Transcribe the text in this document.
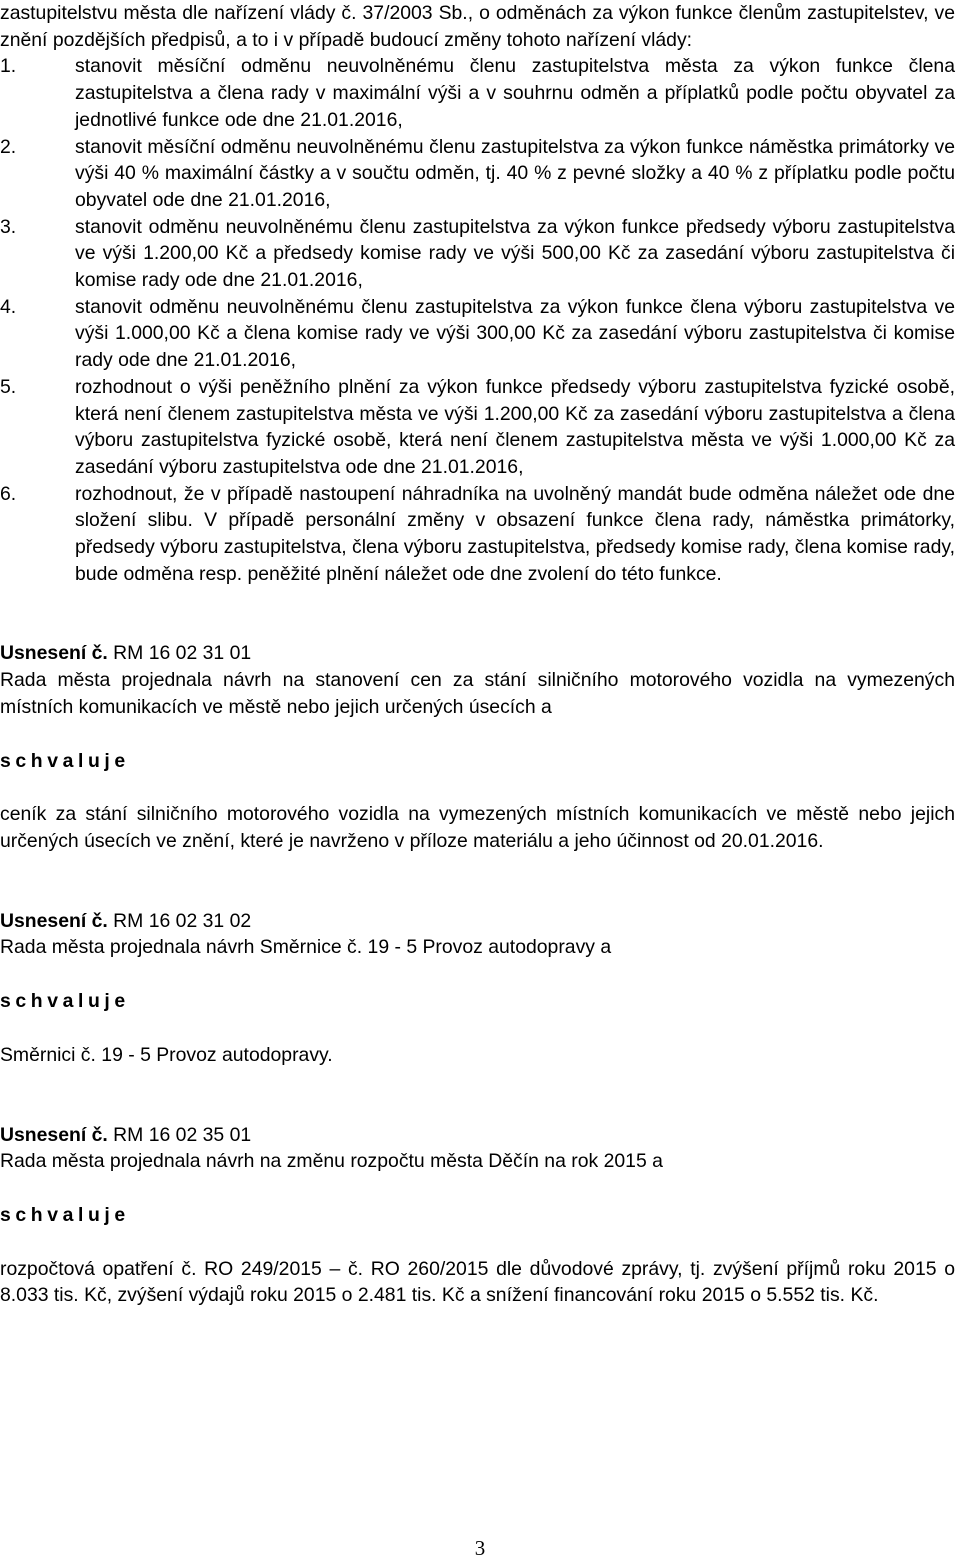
zastupitelstvu města dle nařízení vlády č. 37/2003 Sb., o odměnách za výkon funkce členům zastupitelstev, ve znění pozdějších předpisů, a to i v případě budoucí změny tohoto nařízení vlády:

1.	stanovit měsíční odměnu neuvolněnému členu zastupitelstva města za výkon funkce člena zastupitelstva a člena rady v maximální výši a v souhrnu odměn a příplatků podle počtu obyvatel za jednotlivé funkce ode dne 21.01.2016,
2.	stanovit měsíční odměnu neuvolněnému členu zastupitelstva za výkon funkce náměstka primátorky ve výši 40 % maximální částky a v součtu odměn, tj. 40 % z pevné složky a 40 % z příplatku podle počtu obyvatel ode dne 21.01.2016,
3.	stanovit odměnu neuvolněnému členu zastupitelstva za výkon funkce předsedy výboru zastupitelstva ve výši 1.200,00 Kč a předsedy komise rady ve výši 500,00 Kč za zasedání výboru zastupitelstva či komise rady ode dne 21.01.2016,
4.	stanovit odměnu neuvolněnému členu zastupitelstva za výkon funkce člena výboru zastupitelstva ve výši 1.000,00 Kč a člena komise rady ve výši 300,00 Kč za zasedání výboru zastupitelstva či komise rady ode dne 21.01.2016,
5.	rozhodnout o výši peněžního plnění za výkon funkce předsedy výboru zastupitelstva fyzické osobě, která není členem zastupitelstva města ve výši 1.200,00 Kč za zasedání výboru zastupitelstva a člena výboru zastupitelstva fyzické osobě, která není členem zastupitelstva města ve výši 1.000,00 Kč za zasedání výboru zastupitelstva ode dne 21.01.2016,
6.	rozhodnout, že v případě nastoupení náhradníka na uvolněný mandát bude odměna náležet ode dne složení slibu. V případě personální změny v obsazení funkce člena rady, náměstka primátorky, předsedy výboru zastupitelstva, člena výboru zastupitelstva, předsedy komise rady, člena komise rady, bude odměna resp. peněžité plnění náležet ode dne zvolení do této funkce.

Usnesení č. RM 16 02 31 01

Rada města projednala návrh na stanovení cen za stání silničního motorového vozidla na vymezených místních komunikacích ve městě nebo jejich určených úsecích a

schvaluje

ceník za stání silničního motorového vozidla na vymezených místních komunikacích ve městě nebo jejich určených úsecích ve znění, které je navrženo v příloze materiálu a jeho účinnost od 20.01.2016.

Usnesení č. RM 16 02 31 02

Rada města projednala návrh Směrnice č. 19 - 5 Provoz autodopravy a

schvaluje

Směrnici č. 19 - 5 Provoz autodopravy.

Usnesení č. RM 16 02 35 01

Rada města projednala návrh na změnu rozpočtu města Děčín na rok 2015 a

schvaluje

rozpočtová opatření č. RO 249/2015 – č. RO 260/2015 dle důvodové zprávy, tj. zvýšení příjmů roku 2015 o 8.033 tis. Kč, zvýšení výdajů roku 2015 o 2.481 tis. Kč a snížení financování roku 2015 o 5.552 tis. Kč.

3
